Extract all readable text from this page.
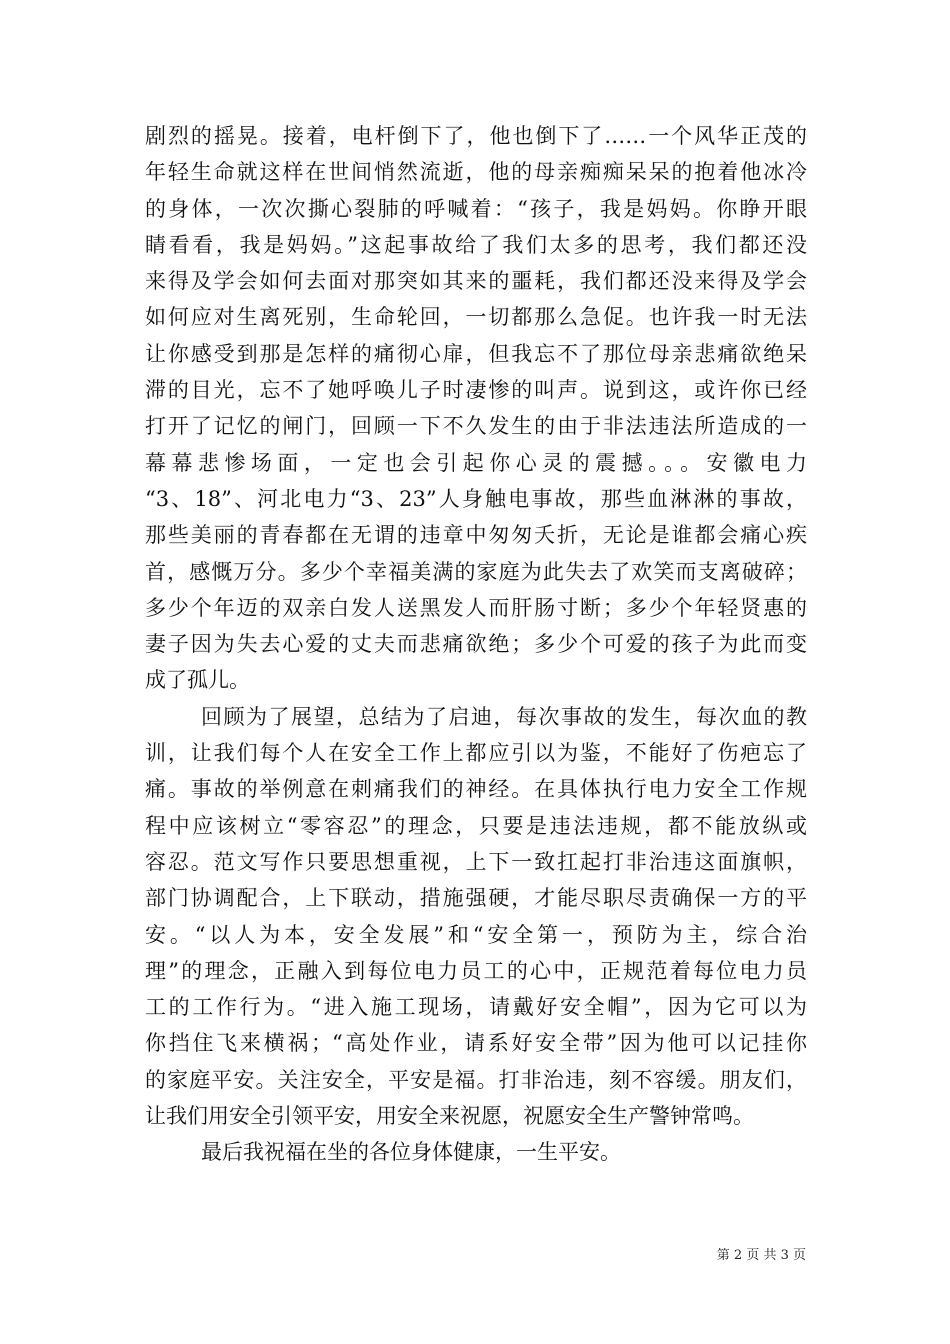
剧烈的摇晃。接着，电杆倒下了，他也倒下了……一个风华正茂的
年轻生命就这样在世间悄然流逝，他的母亲痴痴呆呆的抱着他冰冷
的身体，一次次撕心裂肺的呼喊着：“孩子，我是妈妈。你睁开眼
睛看看，我是妈妈。”这起事故给了我们太多的思考，我们都还没
来得及学会如何去面对那突如其来的噩耗，我们都还没来得及学会
如何应对生离死别，生命轮回，一切都那么急促。也许我一时无法
让你感受到那是怎样的痛彻心扉，但我忘不了那位母亲悲痛欲绝呆
滞的目光，忘不了她呼唤儿子时凄惨的叫声。说到这，或许你已经
打开了记忆的闸门，回顾一下不久发生的由于非法违法所造成的一
幕幕悲惨场面，一定也会引起你心灵的震撼。。。安徽电力
“3、18”、河北电力“3、23”人身触电事故，那些血淋淋的事故，
那些美丽的青春都在无谓的违章中匆匆夭折，无论是谁都会痛心疾
首，感慨万分。多少个幸福美满的家庭为此失去了欢笑而支离破碎；
多少个年迈的双亲白发人送黑发人而肝肠寸断；多少个年轻贤惠的
妻子因为失去心爱的丈夫而悲痛欲绝；多少个可爱的孩子为此而变
成了孤儿。
回顾为了展望，总结为了启迪，每次事故的发生，每次血的教
训，让我们每个人在安全工作上都应引以为鉴，不能好了伤疤忘了
痛。事故的举例意在刺痛我们的神经。在具体执行电力安全工作规
程中应该树立“零容忍”的理念，只要是违法违规，都不能放纵或
容忍。范文写作只要思想重视，上下一致扛起打非治违这面旗帜，
部门协调配合，上下联动，措施强硬，才能尽职尽责确保一方的平
安。“以人为本，安全发展”和“安全第一，预防为主，综合治
理”的理念，正融入到每位电力员工的心中，正规范着每位电力员
工的工作行为。“进入施工现场，请戴好安全帽”，因为它可以为
你挡住飞来横祸；“高处作业，请系好安全带”因为他可以记挂你
的家庭平安。关注安全，平安是福。打非治违，刻不容缓。朋友们，
让我们用安全引领平安，用安全来祝愿，祝愿安全生产警钟常鸣。
最后我祝福在坐的各位身体健康，一生平安。
第 2 页 共 3 页
